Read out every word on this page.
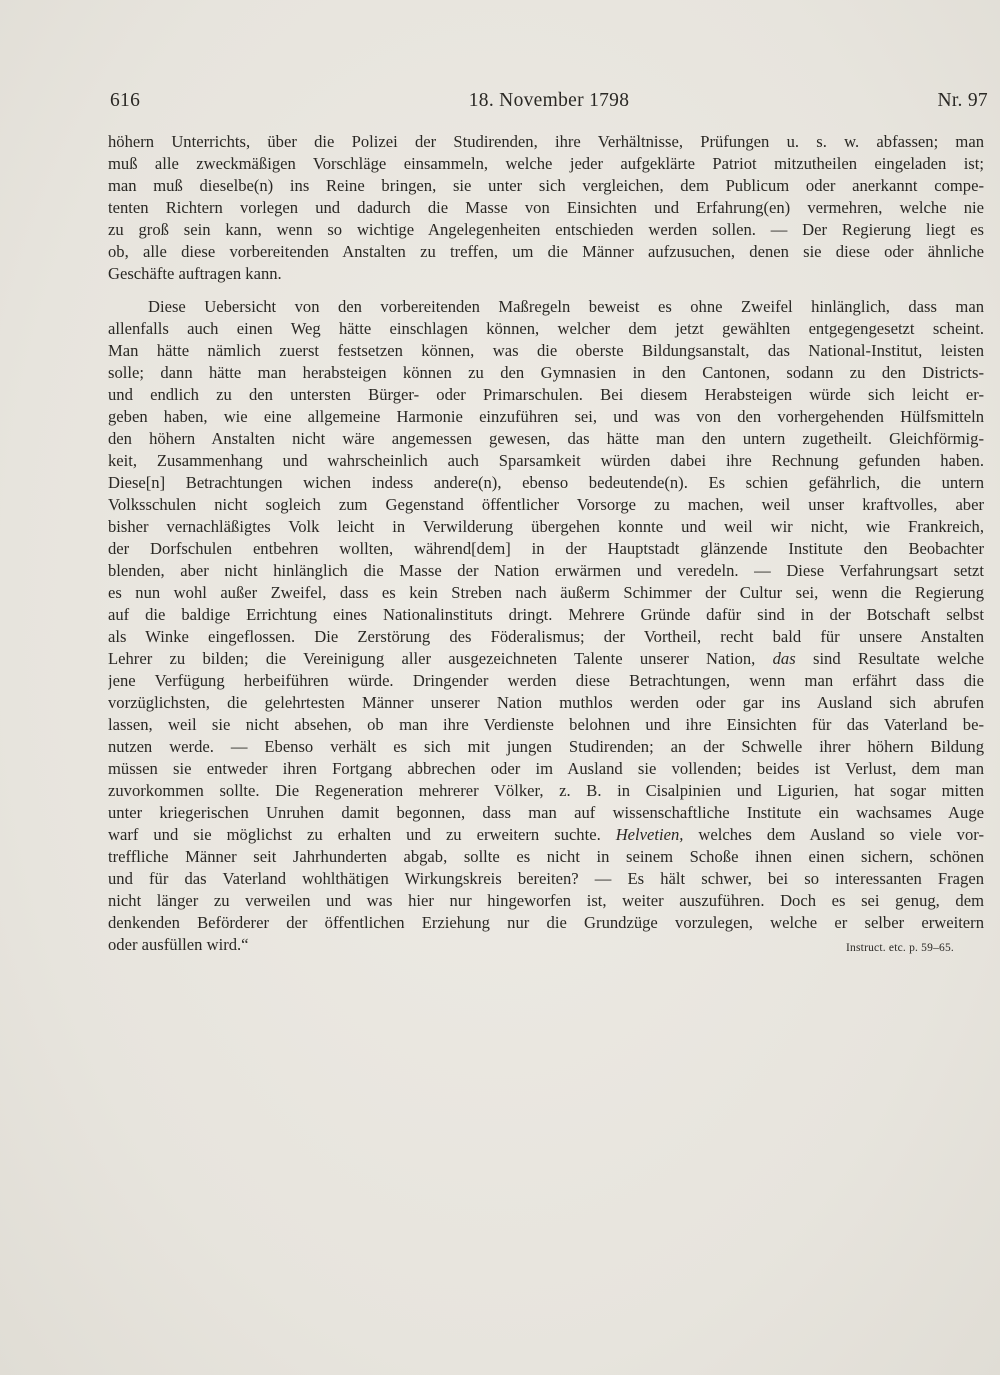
616	18. November 1798	Nr. 97

höhern Unterrichts, über die Polizei der Studirenden, ihre Verhältnisse, Prüfungen u. s. w. abfassen; man
muß alle zweckmäßigen Vorschläge einsammeln, welche jeder aufgeklärte Patriot mitzutheilen eingeladen ist;
man muß dieselbe(n) ins Reine bringen, sie unter sich vergleichen, dem Publicum oder anerkannt compe-
tenten Richtern vorlegen und dadurch die Masse von Einsichten und Erfahrung(en) vermehren, welche nie
zu groß sein kann, wenn so wichtige Angelegenheiten entschieden werden sollen. — Der Regierung liegt es
ob, alle diese vorbereitenden Anstalten zu treffen, um die Männer aufzusuchen, denen sie diese oder ähnliche
Geschäfte auftragen kann.

Diese Uebersicht von den vorbereitenden Maßregeln beweist es ohne Zweifel hinlänglich, dass man
allenfalls auch einen Weg hätte einschlagen können, welcher dem jetzt gewählten entgegengesetzt scheint.
Man hätte nämlich zuerst festsetzen können, was die oberste Bildungsanstalt, das National-Institut, leisten
solle; dann hätte man herabsteigen können zu den Gymnasien in den Cantonen, sodann zu den Districts-
und endlich zu den untersten Bürger- oder Primarschulen. Bei diesem Herabsteigen würde sich leicht er-
geben haben, wie eine allgemeine Harmonie einzuführen sei, und was von den vorhergehenden Hülfsmitteln
den höhern Anstalten nicht wäre angemessen gewesen, das hätte man den untern zugetheilt. Gleichförmig-
keit, Zusammenhang und wahrscheinlich auch Sparsamkeit würden dabei ihre Rechnung gefunden haben.
Diese[n] Betrachtungen wichen indess andere(n), ebenso bedeutende(n). Es schien gefährlich, die untern
Volksschulen nicht sogleich zum Gegenstand öffentlicher Vorsorge zu machen, weil unser kraftvolles, aber
bisher vernachläßigtes Volk leicht in Verwilderung übergehen konnte und weil wir nicht, wie Frankreich,
der Dorfschulen entbehren wollten, während[dem] in der Hauptstadt glänzende Institute den Beobachter
blenden, aber nicht hinlänglich die Masse der Nation erwärmen und veredeln. — Diese Verfahrungsart setzt
es nun wohl außer Zweifel, dass es kein Streben nach äußerm Schimmer der Cultur sei, wenn die Regierung
auf die baldige Errichtung eines Nationalinstituts dringt. Mehrere Gründe dafür sind in der Botschaft selbst
als Winke eingeflossen. Die Zerstörung des Föderalismus; der Vortheil, recht bald für unsere Anstalten
Lehrer zu bilden; die Vereinigung aller ausgezeichneten Talente unserer Nation, das sind Resultate welche
jene Verfügung herbeiführen würde. Dringender werden diese Betrachtungen, wenn man erfährt dass die
vorzüglichsten, die gelehrtesten Männer unserer Nation muthlos werden oder gar ins Ausland sich abrufen
lassen, weil sie nicht absehen, ob man ihre Verdienste belohnen und ihre Einsichten für das Vaterland be-
nutzen werde. — Ebenso verhält es sich mit jungen Studirenden; an der Schwelle ihrer höhern Bildung
müssen sie entweder ihren Fortgang abbrechen oder im Ausland sie vollenden; beides ist Verlust, dem man
zuvorkommen sollte. Die Regeneration mehrerer Völker, z. B. in Cisalpinien und Ligurien, hat sogar mitten
unter kriegerischen Unruhen damit begonnen, dass man auf wissenschaftliche Institute ein wachsames Auge
warf und sie möglichst zu erhalten und zu erweitern suchte. Helvetien, welches dem Ausland so viele vor-
treffliche Männer seit Jahrhunderten abgab, sollte es nicht in seinem Schoße ihnen einen sichern, schönen
und für das Vaterland wohlthätigen Wirkungskreis bereiten? — Es hält schwer, bei so interessanten Fragen
nicht länger zu verweilen und was hier nur hingeworfen ist, weiter auszuführen. Doch es sei genug, dem
denkenden Beförderer der öffentlichen Erziehung nur die Grundzüge vorzulegen, welche er selber erweitern

oder ausfüllen wird.“	Instruct. etc. p. 59–65.
